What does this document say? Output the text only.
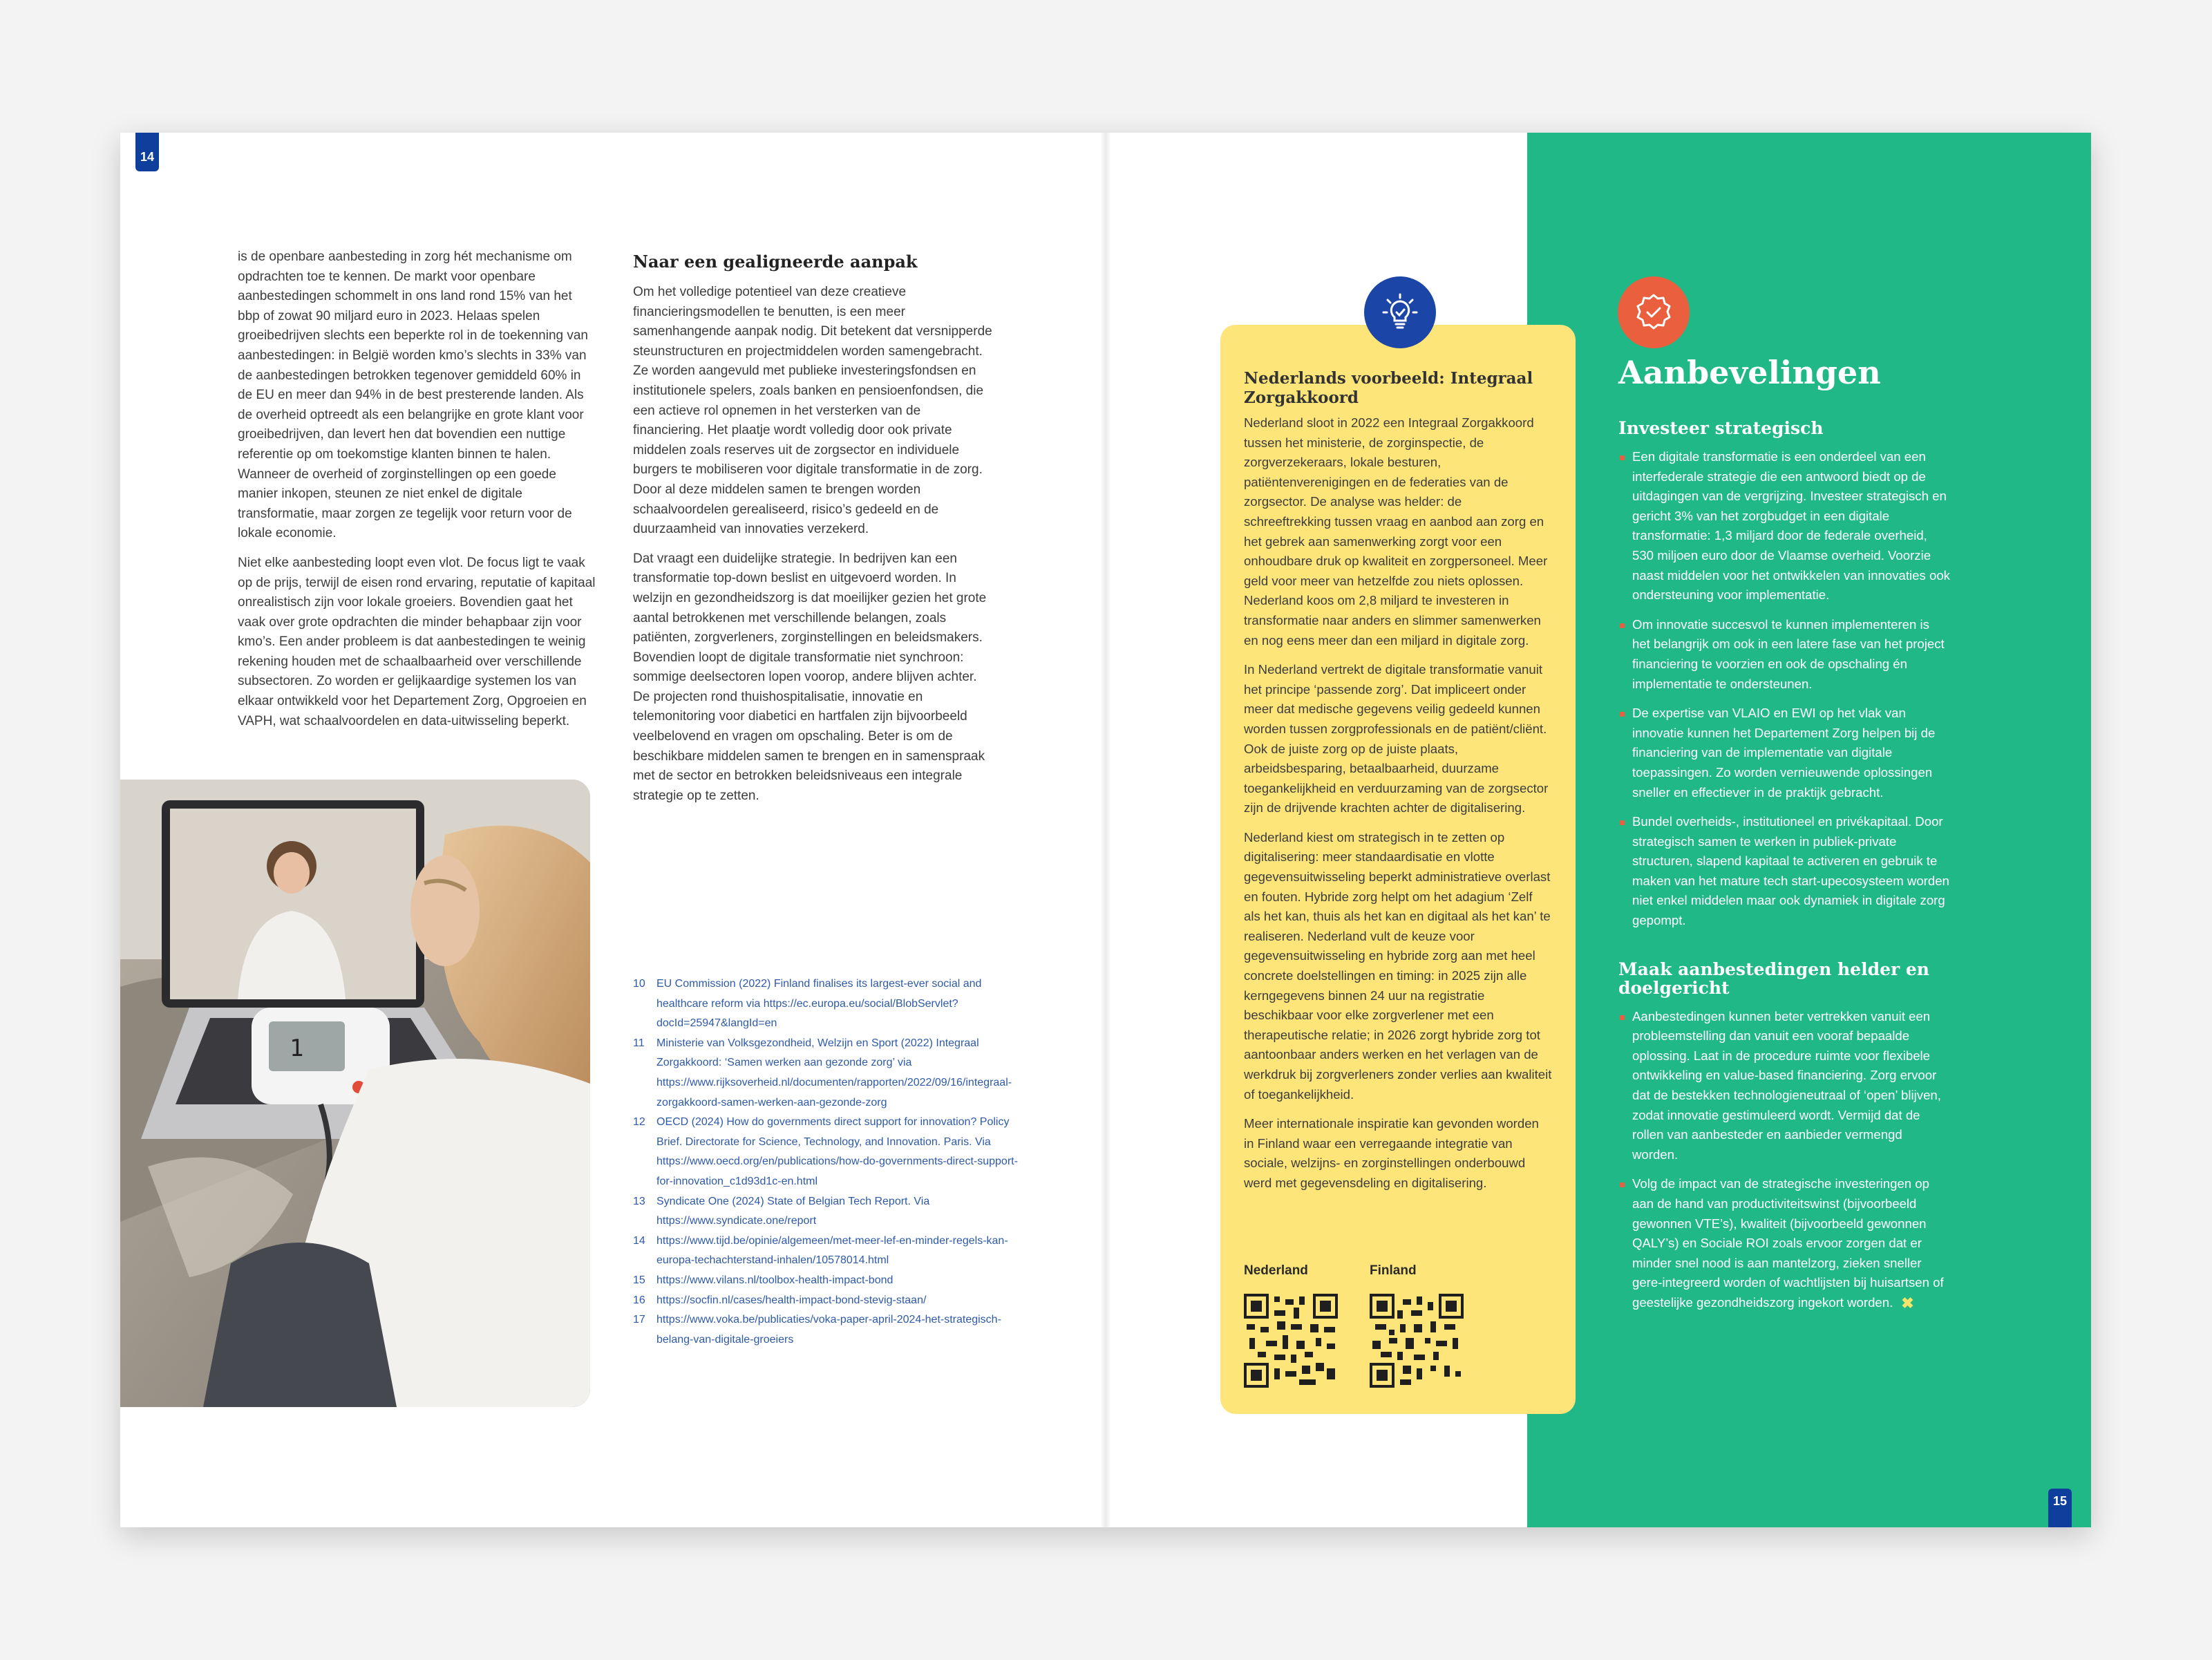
14

is de openbare aanbesteding in zorg hét mechanisme om opdrachten toe te kennen. De markt voor openbare aanbestedingen schommelt in ons land rond 15% van het bbp of zowat 90 miljard euro in 2023. Helaas spelen groeibedrijven slechts een beperkte rol in de toekenning van aanbestedingen: in België worden kmo’s slechts in 33% van de aanbestedingen betrokken tegenover gemiddeld 60% in de EU en meer dan 94% in de best presterende landen. Als de overheid optreedt als een belangrijke en grote klant voor groeibedrijven, dan levert hen dat bovendien een nuttige referentie op om toekomstige klanten binnen te halen. Wanneer de overheid of zorginstellingen op een goede manier inkopen, steunen ze niet enkel de digitale transformatie, maar zorgen ze tegelijk voor return voor de lokale economie.

Niet elke aanbesteding loopt even vlot. De focus ligt te vaak op de prijs, terwijl de eisen rond ervaring, reputatie of kapitaal onrealistisch zijn voor lokale groeiers. Bovendien gaat het vaak over grote opdrachten die minder behapbaar zijn voor kmo’s. Een ander probleem is dat aanbestedingen te weinig rekening houden met de schaalbaarheid over verschillende subsectoren. Zo worden er gelijkaardige systemen los van elkaar ontwikkeld voor het Departement Zorg, Opgroeien en VAPH, wat schaalvoordelen en data-uitwisseling beperkt.

Naar een gealigneerde aanpak

Om het volledige potentieel van deze creatieve financieringsmodellen te benutten, is een meer samenhangende aanpak nodig. Dit betekent dat versnipperde steunstructuren en projectmiddelen worden samengebracht. Ze worden aangevuld met publieke investeringsfondsen en institutionele spelers, zoals banken en pensioenfondsen, die een actieve rol opnemen in het versterken van de financiering. Het plaatje wordt volledig door ook private middelen zoals reserves uit de zorgsector en individuele burgers te mobiliseren voor digitale transformatie in de zorg. Door al deze middelen samen te brengen worden schaalvoordelen gerealiseerd, risico’s gedeeld en de duurzaamheid van innovaties verzekerd.

Dat vraagt een duidelijke strategie. In bedrijven kan een transformatie top-down beslist en uitgevoerd worden. In welzijn en gezondheidszorg is dat moeilijker gezien het grote aantal betrokkenen met verschillende belangen, zoals patiënten, zorgverleners, zorginstellingen en beleidsmakers. Bovendien loopt de digitale transformatie niet synchroon: sommige deelsectoren lopen voorop, andere blijven achter. De projecten rond thuishospitalisatie, innovatie en telemonitoring voor diabetici en hartfalen zijn bijvoorbeeld veelbelovend en vragen om opschaling. Beter is om de beschikbare middelen samen te brengen en in samenspraak met de sector en betrokken beleidsniveaus een integrale strategie op te zetten.

1
10	EU Commission (2022) Finland finalises its largest-ever social and healthcare reform via https://ec.europa.eu/social/BlobServlet?docId=25947&langId=en
11	Ministerie van Volksgezondheid, Welzijn en Sport (2022) Integraal Zorgakkoord: ‘Samen werken aan gezonde zorg’ via https://www.rijksoverheid.nl/documenten/rapporten/2022/09/16/integraal-zorgakkoord-samen-werken-aan-gezonde-zorg
12	OECD (2024) How do governments direct support for innovation? Policy Brief. Directorate for Science, Technology, and Innovation. Paris. Via https://www.oecd.org/en/publications/how-do-governments-direct-support-for-innovation_c1d93d1c-en.html
13	Syndicate One (2024) State of Belgian Tech Report. Via https://www.syndicate.one/report
14	https://www.tijd.be/opinie/algemeen/met-meer-lef-en-minder-regels-kan-europa-techachterstand-inhalen/10578014.html
15	https://www.vilans.nl/toolbox-health-impact-bond
16	https://socfin.nl/cases/health-impact-bond-stevig-staan/
17	https://www.voka.be/publicaties/voka-paper-april-2024-het-strategisch-belang-van-digitale-groeiers
Nederlands voorbeeld: Integraal Zorgakkoord

Nederland sloot in 2022 een Integraal Zorgakkoord tussen het ministerie, de zorginspectie, de zorgverzekeraars, lokale besturen, patiëntenverenigingen en de federaties van de zorgsector. De analyse was helder: de schreeftrekking tussen vraag en aanbod aan zorg en het gebrek aan samenwerking zorgt voor een onhoudbare druk op kwaliteit en zorgpersoneel. Meer geld voor meer van hetzelfde zou niets oplossen. Nederland koos om 2,8 miljard te investeren in transformatie naar anders en slimmer samenwerken en nog eens meer dan een miljard in digitale zorg.

In Nederland vertrekt de digitale transformatie vanuit het principe ‘passende zorg’. Dat impliceert onder meer dat medische gegevens veilig gedeeld kunnen worden tussen zorgprofessionals en de patiënt/cliënt. Ook de juiste zorg op de juiste plaats, arbeidsbesparing, betaalbaarheid, duurzame toegankelijkheid en verduurzaming van de zorgsector zijn de drijvende krachten achter de digitalisering.

Nederland kiest om strategisch in te zetten op digitalisering: meer standaardisatie en vlotte gegevensuitwisseling beperkt administratieve overlast en fouten. Hybride zorg helpt om het adagium ‘Zelf als het kan, thuis als het kan en digitaal als het kan’ te realiseren. Nederland vult de keuze voor gegevensuitwisseling en hybride zorg aan met heel concrete doelstellingen en timing: in 2025 zijn alle kerngegevens binnen 24 uur na registratie beschikbaar voor elke zorgverlener met een therapeutische relatie; in 2026 zorgt hybride zorg tot aantoonbaar anders werken en het verlagen van de werkdruk bij zorgverleners zonder verlies aan kwaliteit of toegankelijkheid.

Meer internationale inspiratie kan gevonden worden in Finland waar een verregaande integratie van sociale, welzijns- en zorginstellingen onderbouwd werd met gegevensdeling en digitalisering.

Nederland	Finland
Aanbevelingen
Investeer strategisch
Een digitale transformatie is een onderdeel van een interfederale strategie die een antwoord biedt op de uitdagingen van de vergrijzing. Investeer strategisch en gericht 3% van het zorgbudget in een digitale transformatie: 1,3 miljard door de federale overheid, 530 miljoen euro door de Vlaamse overheid. Voorzie naast middelen voor het ontwikkelen van innovaties ook ondersteuning voor implementatie.
Om innovatie succesvol te kunnen implementeren is het belangrijk om ook in een latere fase van het project financiering te voorzien en ook de opschaling én implementatie te ondersteunen.
De expertise van VLAIO en EWI op het vlak van innovatie kunnen het Departement Zorg helpen bij de financiering van de implementatie van digitale toepassingen. Zo worden vernieuwende oplossingen sneller en effectiever in de praktijk gebracht.
Bundel overheids-, institutioneel en privékapitaal. Door strategisch samen te werken in publiek-private structuren, slapend kapitaal te activeren en gebruik te maken van het mature tech start-upecosysteem worden niet enkel middelen maar ook dynamiek in digitale zorg gepompt.
Maak aanbestedingen helder en doelgericht
Aanbestedingen kunnen beter vertrekken vanuit een probleemstelling dan vanuit een vooraf bepaalde oplossing. Laat in de procedure ruimte voor flexibele ontwikkeling en value-based financiering. Zorg ervoor dat de bestekken technologieneutraal of ‘open’ blijven, zodat innovatie gestimuleerd wordt. Vermijd dat de rollen van aanbesteder en aanbieder vermengd worden.
Volg de impact van de strategische investeringen op aan de hand van productiviteitswinst (bijvoorbeeld gewonnen VTE’s), kwaliteit (bijvoorbeeld gewonnen QALY’s) en Sociale ROI zoals ervoor zorgen dat er minder snel nood is aan mantelzorg, zieken sneller gere-integreerd worden of wachtlijsten bij huisartsen of geestelijke gezondheidszorg ingekort worden. ✖
15
